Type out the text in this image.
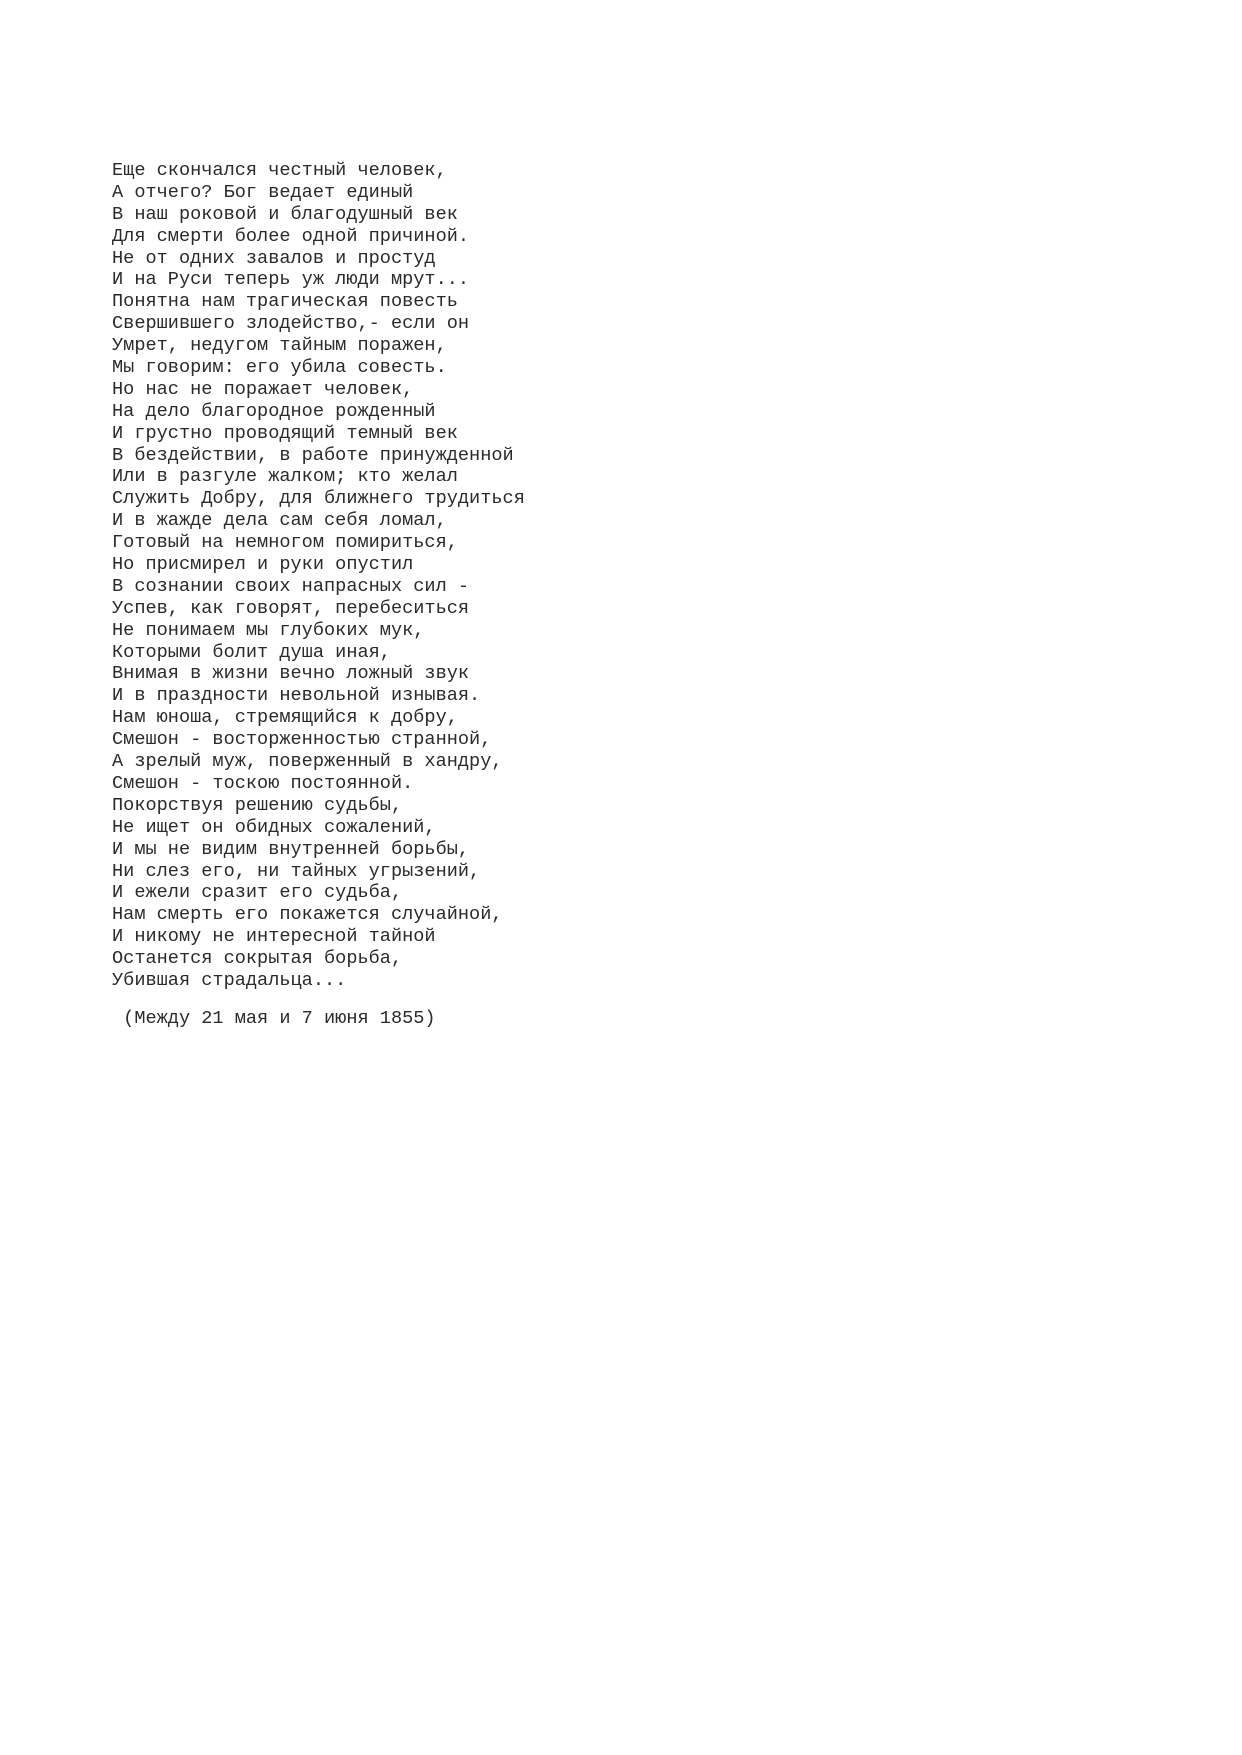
Еще скончался честный человек,
А отчего? Бог ведает единый
В наш роковой и благодушный век
Для смерти более одной причиной.
Не от одних завалов и простуд
И на Руси теперь уж люди мрут...
Понятна нам трагическая повесть
Свершившего злодейство,- если он
Умрет, недугом тайным поражен,
Мы говорим: его убила совесть.
Но нас не поражает человек,
На дело благородное рожденный
И грустно проводящий темный век
В бездействии, в работе принужденной
Или в разгуле жалком; кто желал
Служить Добру, для ближнего трудиться
И в жажде дела сам себя ломал,
Готовый на немногом помириться,
Но присмирел и руки опустил
В сознании своих напрасных сил -
Успев, как говорят, перебеситься
Не понимаем мы глубоких мук,
Которыми болит душа иная,
Внимая в жизни вечно ложный звук
И в праздности невольной изнывая.
Нам юноша, стремящийся к добру,
Смешон - восторженностью странной,
А зрелый муж, поверженный в хандру,
Смешон - тоскою постоянной.
Покорствуя решению судьбы,
Не ищет он обидных сожалений,
И мы не видим внутренней борьбы,
Ни слез его, ни тайных угрызений,
И ежели сразит его судьба,
Нам смерть его покажется случайной,
И никому не интересной тайной
Останется сокрытая борьба,
Убившая страдальца...
(Между 21 мая и 7 июня 1855)
